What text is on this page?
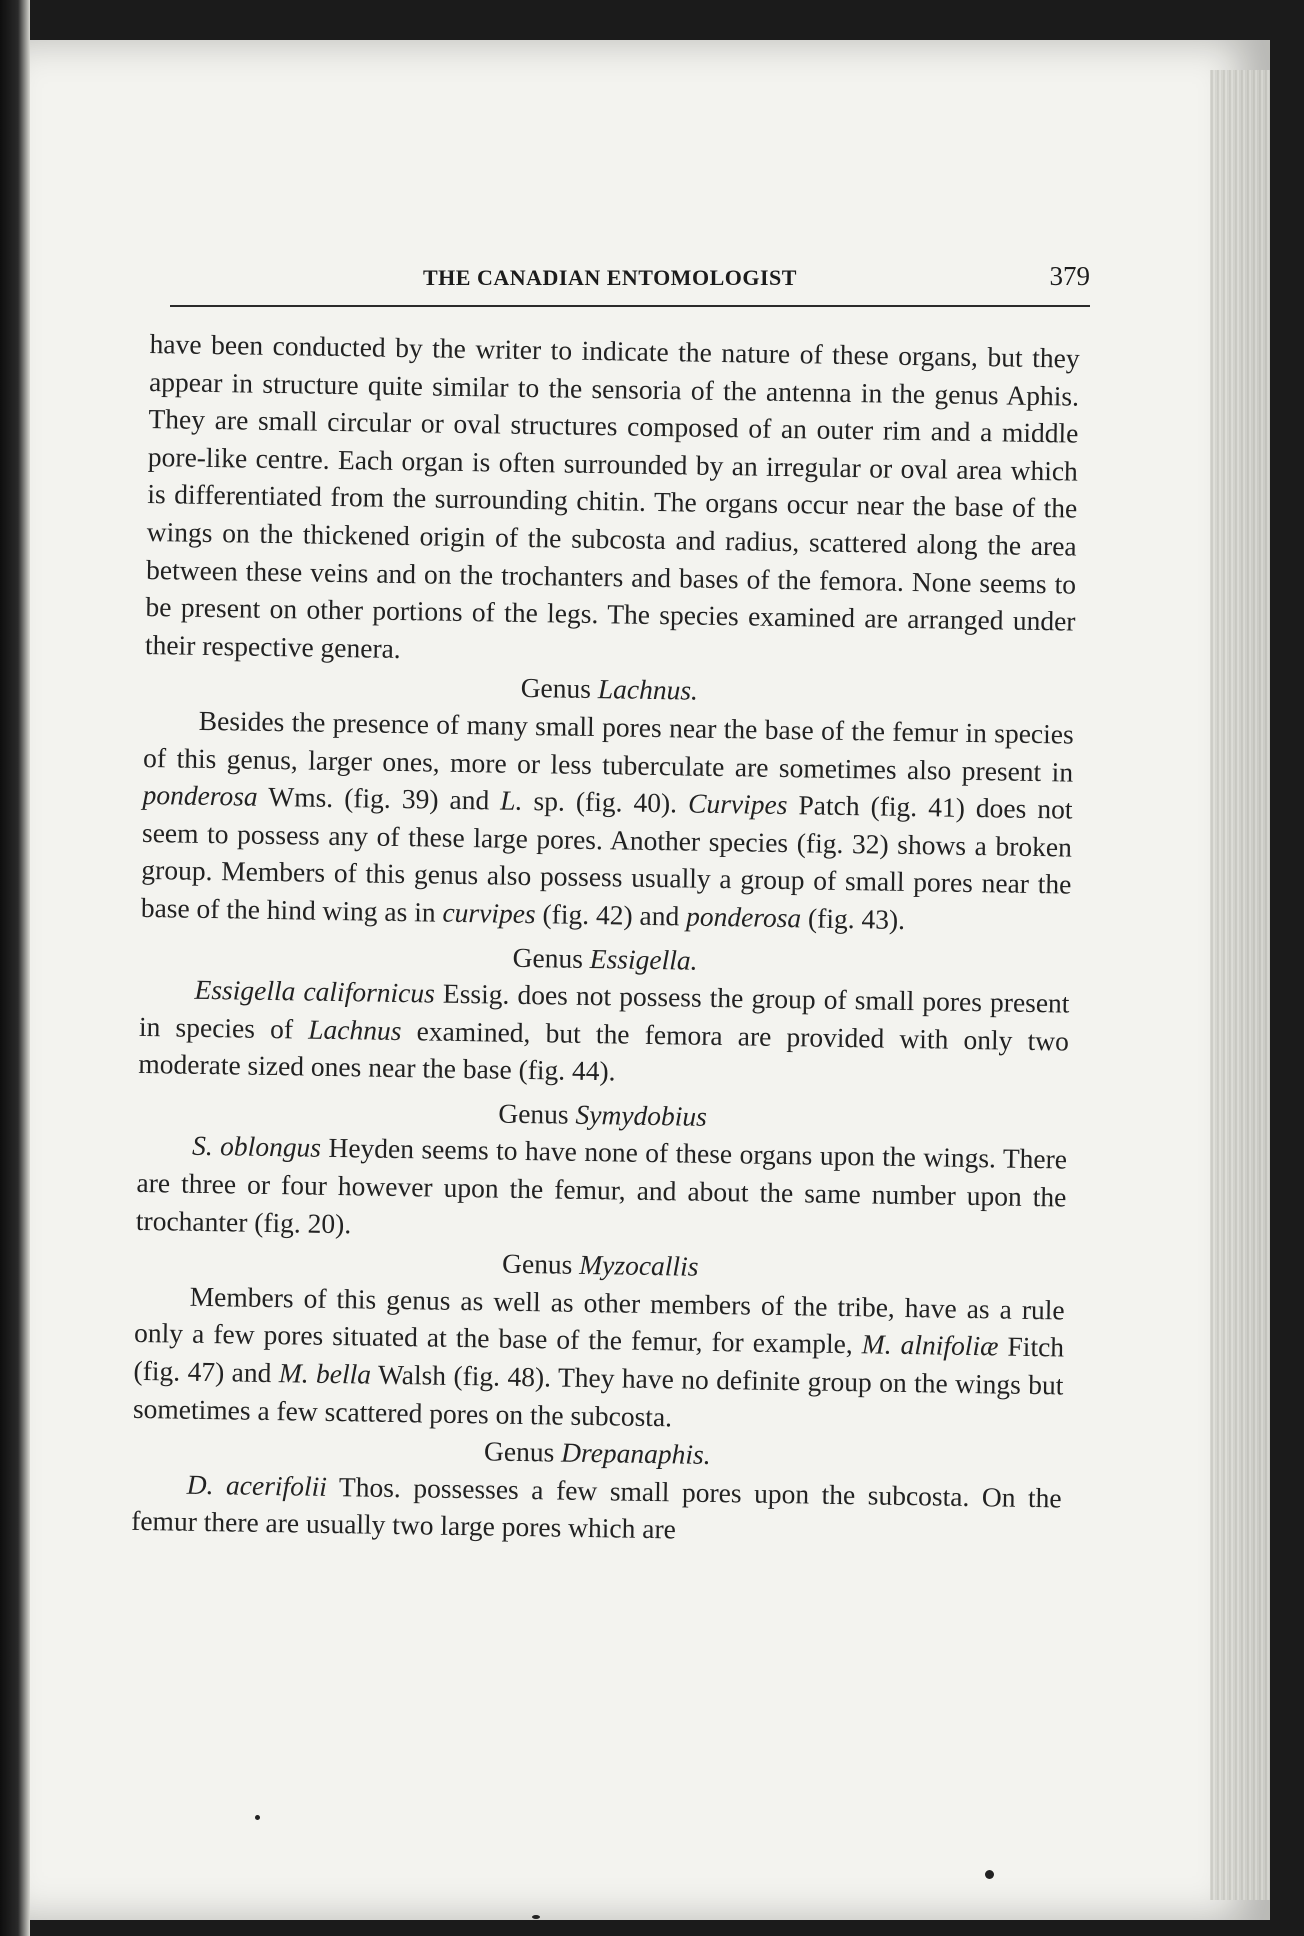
THE CANADIAN ENTOMOLOGIST	379

have been conducted by the writer to indicate the nature of these organs, but they appear in structure quite similar to the sensoria of the antenna in the genus Aphis. They are small circular or oval structures composed of an outer rim and a middle pore-like centre. Each organ is often surrounded by an irregular or oval area which is differentiated from the surrounding chitin. The organs occur near the base of the wings on the thickened origin of the subcosta and radius, scattered along the area between these veins and on the trochanters and bases of the femora. None seems to be present on other portions of the legs. The species examined are arranged under their respective genera.

Genus Lachnus.

Besides the presence of many small pores near the base of the femur in species of this genus, larger ones, more or less tuberculate are sometimes also present in ponderosa Wms. (fig. 39) and L. sp. (fig. 40). Curvipes Patch (fig. 41) does not seem to possess any of these large pores. Another species (fig. 32) shows a broken group. Members of this genus also possess usually a group of small pores near the base of the hind wing as in curvipes (fig. 42) and ponderosa (fig. 43).

Genus Essigella.

Essigella californicus Essig. does not possess the group of small pores present in species of Lachnus examined, but the femora are provided with only two moderate sized ones near the base (fig. 44).

Genus Symydobius

S. oblongus Heyden seems to have none of these organs upon the wings. There are three or four however upon the femur, and about the same number upon the trochanter (fig. 20).

Genus Myzocallis

Members of this genus as well as other members of the tribe, have as a rule only a few pores situated at the base of the femur, for example, M. alnifoliæ Fitch (fig. 47) and M. bella Walsh (fig. 48). They have no definite group on the wings but sometimes a few scattered pores on the subcosta.

Genus Drepanaphis.

D. acerifolii Thos. possesses a few small pores upon the subcosta. On the femur there are usually two large pores which are
